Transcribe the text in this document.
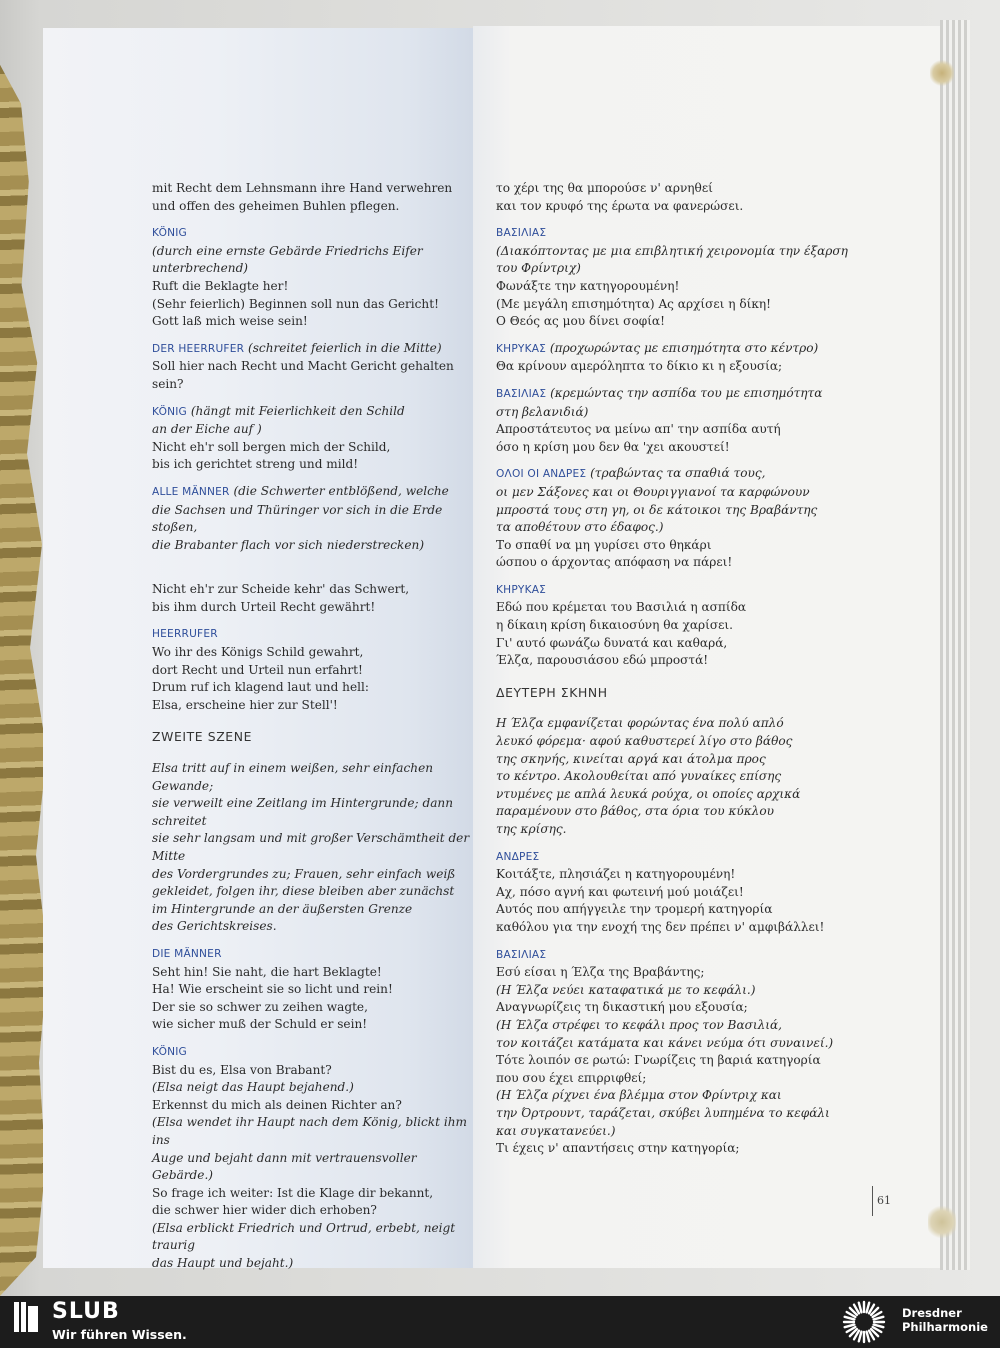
mit Recht dem Lehnsmann ihre Hand verwehren

und offen des geheimen Buhlen pflegen.

KÖNIG

(durch eine ernste Gebärde Friedrichs Eifer

unterbrechend)

Ruft die Beklagte her!

(Sehr feierlich) Beginnen soll nun das Gericht!

Gott laß mich weise sein!

DER HEERRUFER (schreitet feierlich in die Mitte)

Soll hier nach Recht und Macht Gericht gehalten sein?

KÖNIG (hängt mit Feierlichkeit den Schild

an der Eiche auf )

Nicht eh'r soll bergen mich der Schild,

bis ich gerichtet streng und mild!

ALLE MÄNNER (die Schwerter entblößend, welche

die Sachsen und Thüringer vor sich in die Erde stoßen,

die Brabanter flach vor sich niederstrecken)

Nicht eh'r zur Scheide kehr' das Schwert,

bis ihm durch Urteil Recht gewährt!

HEERRUFER

Wo ihr des Königs Schild gewahrt,

dort Recht und Urteil nun erfahrt!

Drum ruf ich klagend laut und hell:

Elsa, erscheine hier zur Stell'!

ZWEITE SZENE

Elsa tritt auf in einem weißen, sehr einfachen Gewande;

sie verweilt eine Zeitlang im Hintergrunde; dann schreitet

sie sehr langsam und mit großer Verschämtheit der Mitte

des Vordergrundes zu; Frauen, sehr einfach weiß

gekleidet, folgen ihr, diese bleiben aber zunächst

im Hintergrunde an der äußersten Grenze

des Gerichtskreises.

DIE MÄNNER

Seht hin! Sie naht, die hart Beklagte!

Ha! Wie erscheint sie so licht und rein!

Der sie so schwer zu zeihen wagte,

wie sicher muß der Schuld er sein!

KÖNIG

Bist du es, Elsa von Brabant?

(Elsa neigt das Haupt bejahend.)

Erkennst du mich als deinen Richter an?

(Elsa wendet ihr Haupt nach dem König, blickt ihm ins

Auge und bejaht dann mit vertrauensvoller Gebärde.)

So frage ich weiter: Ist die Klage dir bekannt,

die schwer hier wider dich erhoben?

(Elsa erblickt Friedrich und Ortrud, erbebt, neigt traurig

das Haupt und bejaht.)

το χέρι της θα μπορούσε ν' αρνηθεί

και τον κρυφό της έρωτα να φανερώσει.

ΒΑΣΙΛΙΑΣ

(Διακόπτοντας με μια επιβλητική χειρονομία την έξαρση

του Φρίντριχ)

Φωνάξτε την κατηγορουμένη!

(Με μεγάλη επισημότητα) Ας αρχίσει η δίκη!

Ο Θεός ας μου δίνει σοφία!

ΚΗΡΥΚΑΣ (προχωρώντας με επισημότητα στο κέντρο)

Θα κρίνουν αμερόληπτα το δίκιο κι η εξουσία;

ΒΑΣΙΛΙΑΣ (κρεμώντας την ασπίδα του με επισημότητα

στη βελανιδιά)

Απροστάτευτος να μείνω απ' την ασπίδα αυτή

όσο η κρίση μου δεν θα 'χει ακουστεί!

ΟΛΟΙ ΟΙ ΑΝΔΡΕΣ (τραβώντας τα σπαθιά τους,

οι μεν Σάξονες και οι Θουριγγιανοί τα καρφώνουν

μπροστά τους στη γη, οι δε κάτοικοι της Βραβάντης

τα αποθέτουν στο έδαφος.)

Το σπαθί να μη γυρίσει στο θηκάρι

ώσπου ο άρχοντας απόφαση να πάρει!

ΚΗΡΥΚΑΣ

Εδώ που κρέμεται του Βασιλιά η ασπίδα

η δίκαιη κρίση δικαιοσύνη θα χαρίσει.

Γι' αυτό φωνάζω δυνατά και καθαρά,

Έλζα, παρουσιάσου εδώ μπροστά!

ΔΕΥΤΕΡΗ ΣΚΗΝΗ

Η Έλζα εμφανίζεται φορώντας ένα πολύ απλό

λευκό φόρεμα· αφού καθυστερεί λίγο στο βάθος

της σκηνής, κινείται αργά και άτολμα προς

το κέντρο. Ακολουθείται από γυναίκες επίσης

ντυμένες με απλά λευκά ρούχα, οι οποίες αρχικά

παραμένουν στο βάθος, στα όρια του κύκλου

της κρίσης.

ΑΝΔΡΕΣ

Κοιτάξτε, πλησιάζει η κατηγορουμένη!

Αχ, πόσο αγνή και φωτεινή μού μοιάζει!

Αυτός που απήγγειλε την τρομερή κατηγορία

καθόλου για την ενοχή της δεν πρέπει ν' αμφιβάλλει!

ΒΑΣΙΛΙΑΣ

Εσύ είσαι η Έλζα της Βραβάντης;

(Η Έλζα νεύει καταφατικά με το κεφάλι.)

Αναγνωρίζεις τη δικαστική μου εξουσία;

(Η Έλζα στρέφει το κεφάλι προς τον Βασιλιά,

τον κοιτάζει κατάματα και κάνει νεύμα ότι συναινεί.)

Τότε λοιπόν σε ρωτώ: Γνωρίζεις τη βαριά κατηγορία

που σου έχει επιρριφθεί;

(Η Έλζα ρίχνει ένα βλέμμα στον Φρίντριχ και

την Όρτρουντ, ταράζεται, σκύβει λυπημένα το κεφάλι

και συγκατανεύει.)

Τι έχεις ν' απαντήσεις στην κατηγορία;

61
SLUB
Wir führen Wissen.
Dresdner
Philharmonie
